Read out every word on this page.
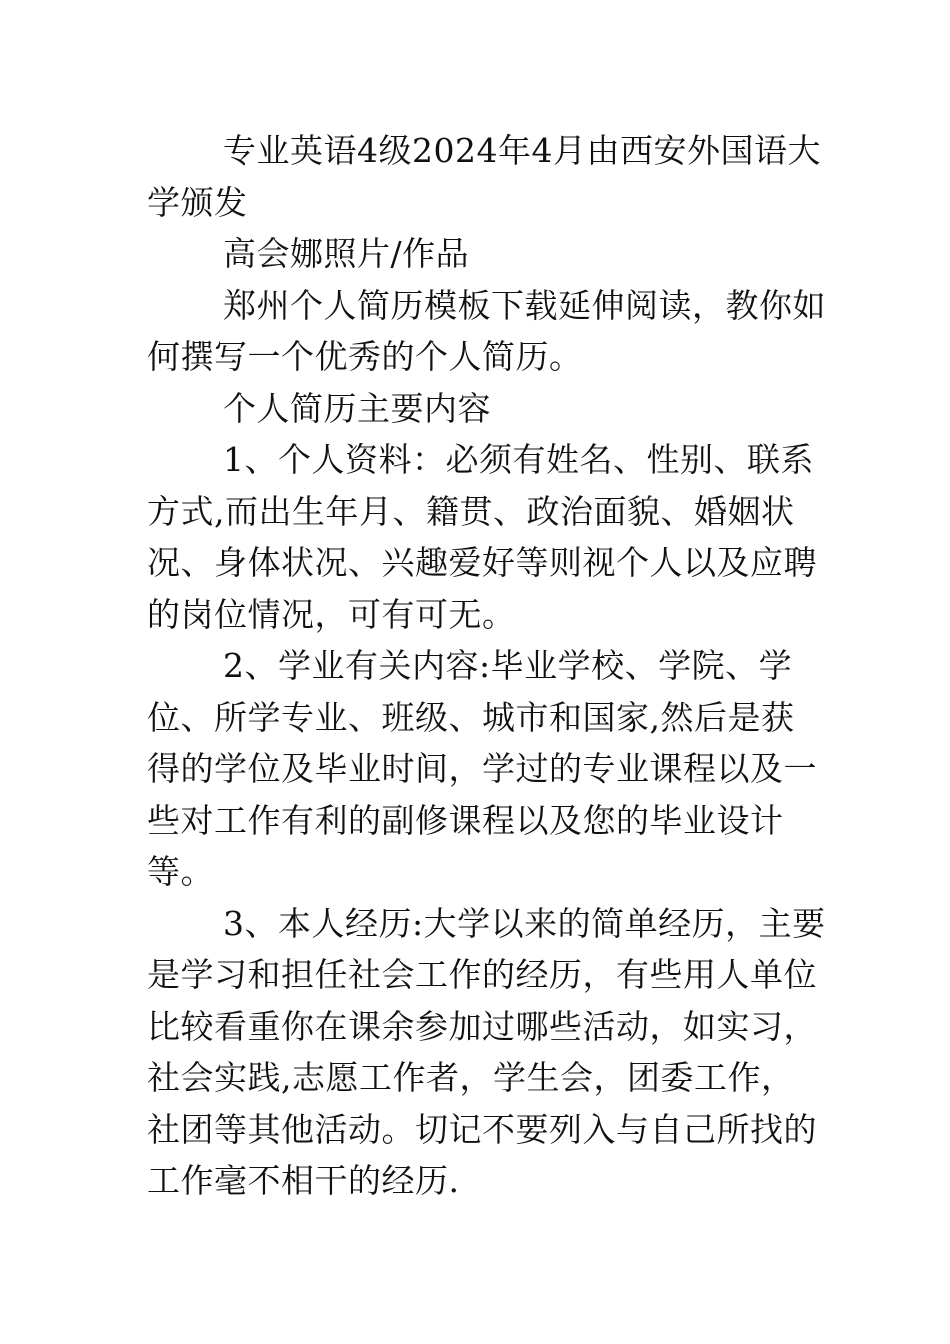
专业英语4级2024年4月由西安外国语大学颁发

高会娜照片/作品

郑州个人简历模板下载延伸阅读，教你如何撰写一个优秀的个人简历。

个人简历主要内容

1、个人资料：必须有姓名、性别、联系方式,而出生年月、籍贯、政治面貌、婚姻状况、身体状况、兴趣爱好等则视个人以及应聘的岗位情况，可有可无。

2、学业有关内容:毕业学校、学院、学位、所学专业、班级、城市和国家,然后是获得的学位及毕业时间，学过的专业课程以及一些对工作有利的副修课程以及您的毕业设计等。

3、本人经历:大学以来的简单经历，主要是学习和担任社会工作的经历，有些用人单位比较看重你在课余参加过哪些活动，如实习，社会实践,志愿工作者，学生会，团委工作，社团等其他活动。切记不要列入与自己所找的工作毫不相干的经历.
